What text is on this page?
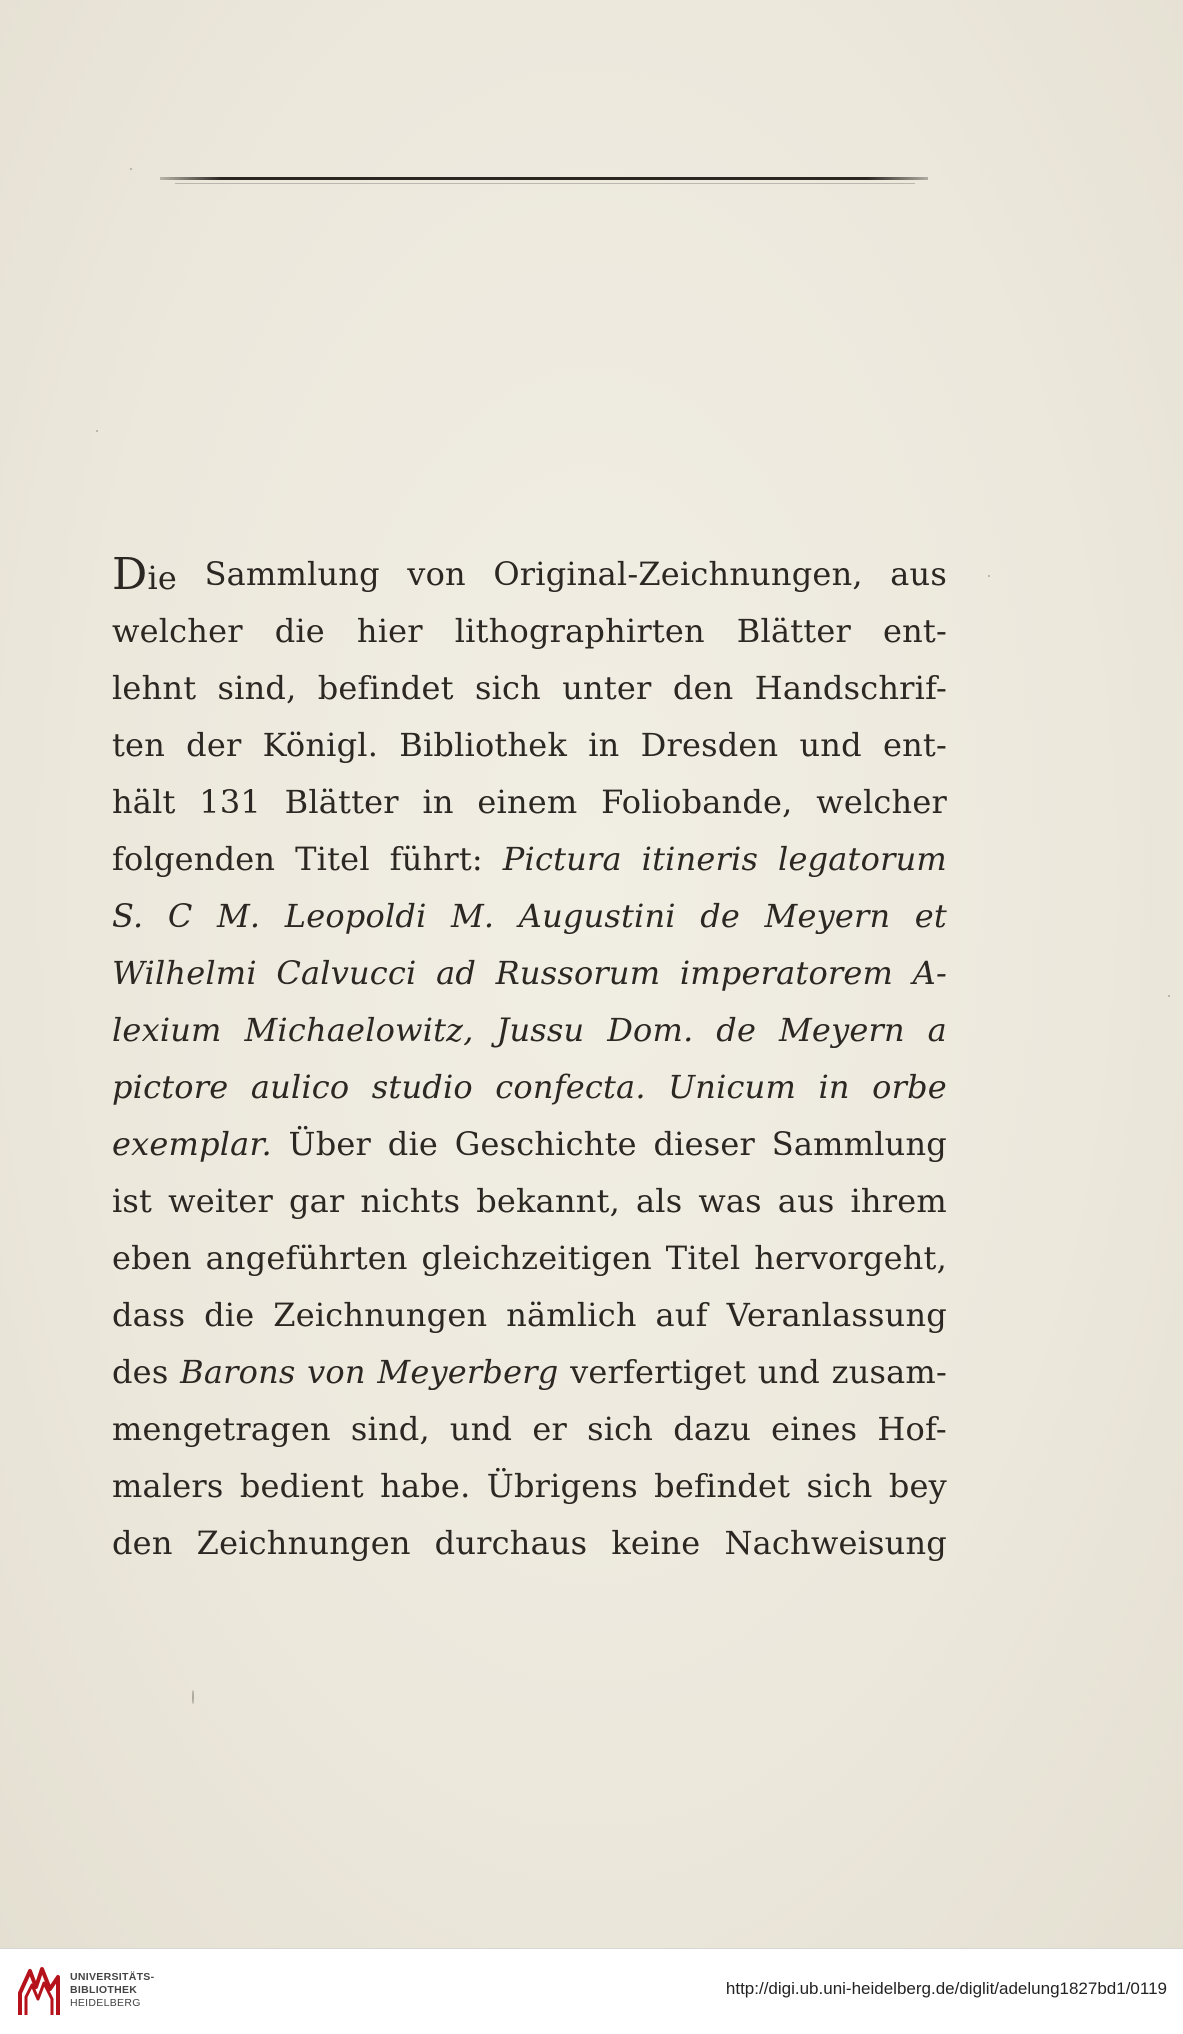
Die Sammlung von Original-Zeichnungen, aus
welcher die hier lithographirten Blätter ent-
lehnt sind, befindet sich unter den Handschrif-
ten der Königl. Bibliothek in Dresden und ent-
hält 131 Blätter in einem Foliobande, welcher
folgenden Titel führt: Pictura itineris legatorum
S. C M. Leopoldi M. Augustini de Meyern et
Wilhelmi Calvucci ad Russorum imperatorem A-
lexium Michaelowitz, Jussu Dom. de Meyern a
pictore aulico studio confecta. Unicum in orbe
exemplar. Über die Geschichte dieser Sammlung
ist weiter gar nichts bekannt, als was aus ihrem
eben angeführten gleichzeitigen Titel hervorgeht,
dass die Zeichnungen nämlich auf Veranlassung
des Barons von Meyerberg verfertiget und zusam-
mengetragen sind, und er sich dazu eines Hof-
malers bedient habe. Übrigens befindet sich bey
den Zeichnungen durchaus keine Nachweisung
UNIVERSITÄTS-
BIBLIOTHEK
HEIDELBERG
http://digi.ub.uni-heidelberg.de/diglit/adelung1827bd1/0119
